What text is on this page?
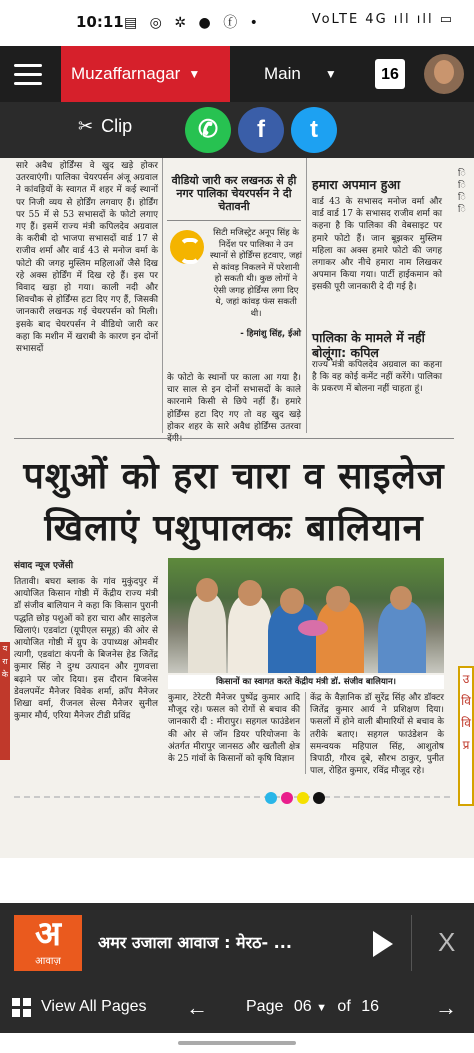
10:11 ▤ ◎ ✲ ● ⓕ •	VoLTE 4G ıll ıll ▭
Muzaffarnagar ▼	Main ▼	16
✂ Clip	✆	f	t
सारे अवैध होर्डिंग्स वे खुद खड़े होकर उतरवाएंगी। पालिका चेयरपर्सन अंजू अग्रवाल ने कांवड़ियों के स्वागत में शहर में कई स्थानों पर निजी व्यय से होर्डिंग लगवाए हैं। होर्डिंग पर 55 में से 53 सभासदों के फोटो लगाए गए हैं। इसमें राज्य मंत्री कपिलदेव अग्रवाल के करीबी दो भाजपा सभासदों वार्ड 17 से राजीव शर्मा और वार्ड 43 से मनोज वर्मा के फोटो की जगह मुस्लिम महिलाओं जैसे दिख रहे अक्स होर्डिंग में दिख रहे हैं। इस पर विवाद खड़ा हो गया। काली नदी और शिवचौक से होर्डिंग्स हटा दिए गए हैं, जिसकी जानकारी लखनऊ गई चेयरपर्सन को मिली। इसके बाद चेयरपर्सन ने वीडियो जारी कर कहा कि मशीन में खराबी के कारण इन दोनों सभासदों
वीडियो जारी कर लखनऊ से ही नगर पालिका चेयरपर्सन ने दी चेतावनी
सिटी मजिस्ट्रेट अनूप सिंह के निर्देश पर पालिका ने उन स्थानों से होर्डिंग्स हटवाए, जहां से कांवड़ निकलने में परेशानी हो सकती थी। कुछ लोगों ने ऐसी जगह होर्डिंग्स लगा दिए थे, जहां कांवड़ फंस सकती थी।
- हिमांशु सिंह, ईओ
के फोटो के स्थानों पर काला आ गया है। चार साल से इन दोनों सभासदों के काले कारनामे किसी से छिपे नहीं हैं। हमारे होर्डिंग्स हटा दिए गए तो वह खुद खड़े होकर शहर के सारे अवैध होर्डिंग्स उतरवा देंगी।
हमारा अपमान हुआ
वार्ड 43 के सभासद मनोज वर्मा और वार्ड वार्ड 17 के सभासद राजीव शर्मा का कहना है कि पालिका की वेबसाइट पर हमारे फोटो हैं। जान बूझकर मुस्लिम महिला का अक्स हमारे फोटो की जगह लगाकर और नीचे हमारा नाम लिखकर अपमान किया गया। पार्टी हाईकमान को इसकी पूरी जानकारी दे दी गई है।
पालिका के मामले में नहीं बोलूंगा: कपिल
राज्य मंत्री कपिलदेव अग्रवाल का कहना है कि वह कोई कमेंट नहीं करेंगे। पालिका के प्रकरण में बोलना नहीं चाहता हूं।
ि
ि
ि
ि
पशुओं को हरा चारा व साइलेज
खिलाएं पशुपालकः बालियान
संवाद न्यूज एजेंसी
य रा के
तितावी। बघरा ब्लाक के गांव मुकुंदपुर में आयोजित किसान गोष्ठी में केंद्रीय राज्य मंत्री डॉ संजीव बालियान ने कहा कि किसान पुरानी पद्धति छोड़ पशुओं को हरा चारा और साइलेज खिलाएं। एडवांटा (यूपीएल समूह) की ओर से आयोजित गोष्ठी में ग्रुप के उपाध्यक्ष ओमवीर त्यागी, एडवांटा कंपनी के बिजनेस हेड जितेंद्र कुमार सिंह ने दुग्ध उत्पादन और गुणवत्ता बढ़ाने पर जोर दिया। इस दौरान बिजनेस डेवलपमेंट मैनेजर विवेक शर्मा, क्रॉप मैनेजर शिखा वर्मा, रीजनल सेल्स मैनेजर सुनील कुमार मौर्य, एरिया मैनेजर टीडी प्रविंद्र
किसानों का स्वागत करते केंद्रीय मंत्री डॉ. संजीव बालियान।
कुमार, टेरेटरी मैनेजर पुष्पेंद्र कुमार आदि मौजूद रहे। फसल को रोगों से बचाव की जानकारी दी : मीरापुर। सहगल फाउंडेशन की ओर से जॉन डियर परियोजना के अंतर्गत मीरापुर जानसठ और खतौली क्षेत्र के 25 गांवों के किसानों को कृषि विज्ञान
केंद्र के वैज्ञानिक डॉ सुरेंद्र सिंह और डॉक्टर जितेंद्र कुमार आर्य ने प्रशिक्षण दिया। फसलों में होने वाली बीमारियों से बचाव के तरीके बताए। सहगल फाउंडेशन के समन्वयक महिपाल सिंह, आशुतोष त्रिपाठी, गौरव दूबे, सौरभ ठाकुर, पुनीत पाल, रोहित कुमार, रविंद्र मौजूद रहे।
उ वि वि प्र
अ
आवाज़
अमर उजाला आवाज : मेरठ- ...	X
View All Pages ← Page 06 ▼ of 16	→
